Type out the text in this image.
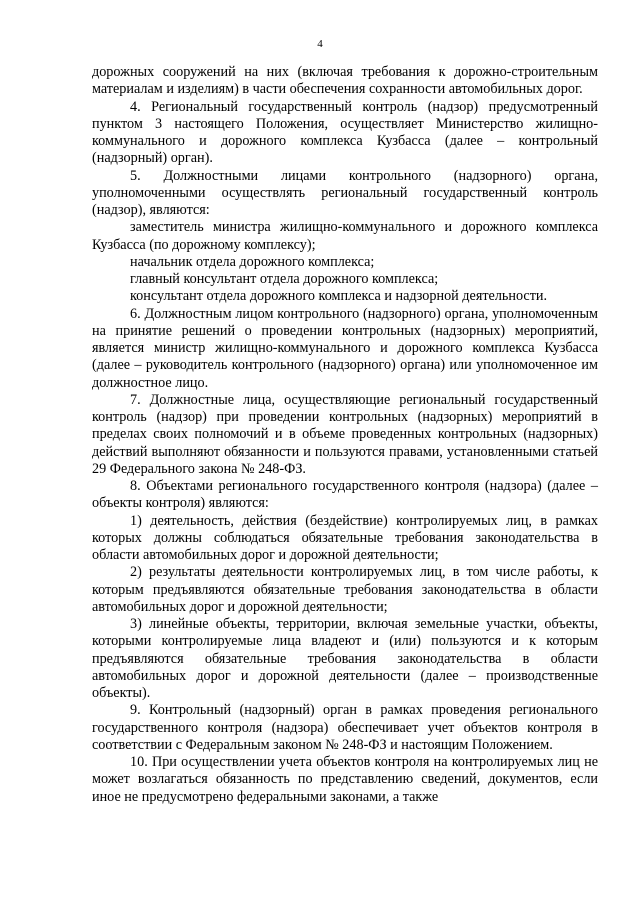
4

дорожных сооружений на них (включая требования к дорожно-строительным материалам и изделиям) в части обеспечения сохранности автомобильных дорог.

4. Региональный государственный контроль (надзор) предусмотренный пунктом 3 настоящего Положения, осуществляет Министерство жилищно-коммунального и дорожного комплекса Кузбасса (далее – контрольный (надзорный) орган).

5. Должностными лицами контрольного (надзорного) органа, уполномоченными осуществлять региональный государственный контроль (надзор), являются:

заместитель министра жилищно-коммунального и дорожного комплекса Кузбасса (по дорожному комплексу);

начальник отдела дорожного комплекса;

главный консультант отдела дорожного комплекса;

консультант отдела дорожного комплекса и надзорной деятельности.

6. Должностным лицом контрольного (надзорного) органа, уполномоченным на принятие решений о проведении контрольных (надзорных) мероприятий, является министр жилищно-коммунального и дорожного комплекса Кузбасса (далее – руководитель контрольного (надзорного) органа) или уполномоченное им должностное лицо.

7. Должностные лица, осуществляющие региональный государственный контроль (надзор) при проведении контрольных (надзорных) мероприятий в пределах своих полномочий и в объеме проведенных контрольных (надзорных) действий выполняют обязанности и пользуются правами, установленными статьей 29 Федерального закона № 248-ФЗ.

8. Объектами регионального государственного контроля (надзора) (далее – объекты контроля) являются:

1) деятельность, действия (бездействие) контролируемых лиц, в рамках которых должны соблюдаться обязательные требования законодательства в области автомобильных дорог и дорожной деятельности;

2) результаты деятельности контролируемых лиц, в том числе работы, к которым предъявляются обязательные требования законодательства в области автомобильных дорог и дорожной деятельности;

3) линейные объекты, территории, включая земельные участки, объекты, которыми контролируемые лица владеют и (или) пользуются и к которым предъявляются обязательные требования законодательства в области автомобильных дорог и дорожной деятельности (далее – производственные объекты).

9. Контрольный (надзорный) орган в рамках проведения регионального государственного контроля (надзора) обеспечивает учет объектов контроля в соответствии с Федеральным законом № 248-ФЗ и настоящим Положением.

10. При осуществлении учета объектов контроля на контролируемых лиц не может возлагаться обязанность по представлению сведений, документов, если иное не предусмотрено федеральными законами, а также
